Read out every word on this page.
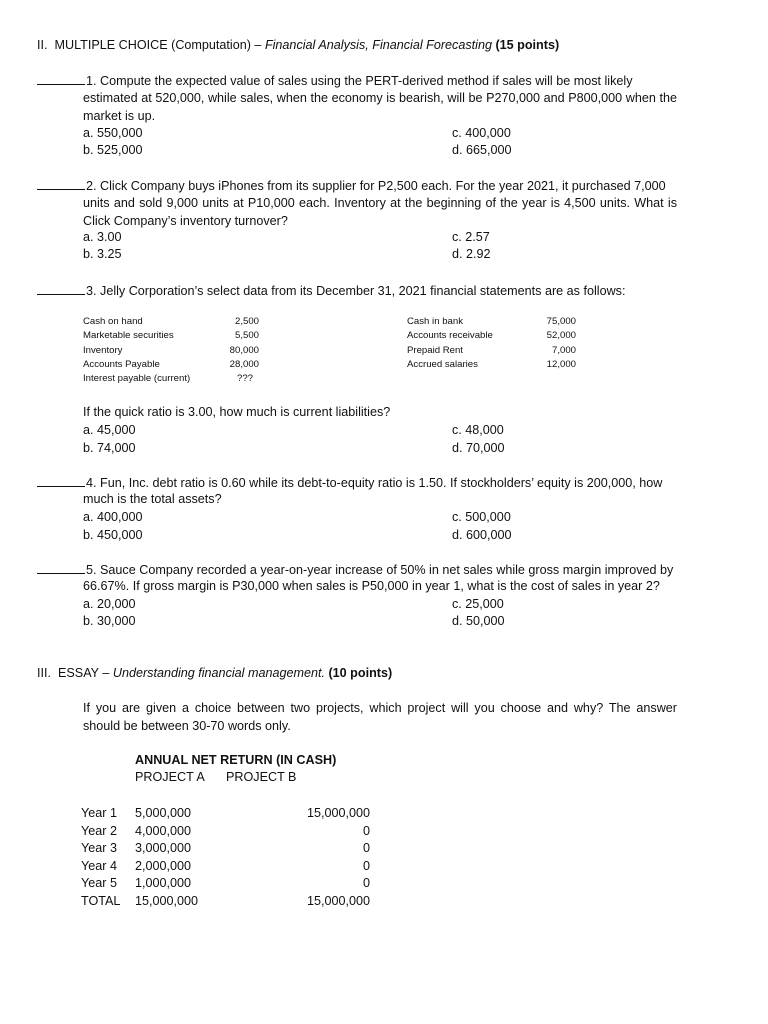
II. MULTIPLE CHOICE (Computation) – Financial Analysis, Financial Forecasting (15 points)
1. Compute the expected value of sales using the PERT-derived method if sales will be most likely
estimated at 520,000, while sales, when the economy is bearish, will be P270,000 and P800,000 when the market is up.
a. 550,000
b. 525,000
c. 400,000
d. 665,000
2. Click Company buys iPhones from its supplier for P2,500 each. For the year 2021, it purchased 7,000
units and sold 9,000 units at P10,000 each. Inventory at the beginning of the year is 4,500 units. What is Click Company’s inventory turnover?
a. 3.00
b. 3.25
c. 2.57
d. 2.92
3. Jelly Corporation’s select data from its December 31, 2021 financial statements are as follows:
Cash on hand	2,500
Marketable securities	5,500
Inventory	80,000
Accounts Payable	28,000
Interest payable (current)	???
Cash in bank	75,000
Accounts receivable	52,000
Prepaid Rent	7,000
Accrued salaries	12,000
If the quick ratio is 3.00, how much is current liabilities?
a. 45,000
b. 74,000
c. 48,000
d. 70,000
4. Fun, Inc. debt ratio is 0.60 while its debt-to-equity ratio is 1.50. If stockholders’ equity is 200,000, how
much is the total assets?
a. 400,000
b. 450,000
c. 500,000
d. 600,000
5. Sauce Company recorded a year-on-year increase of 50% in net sales while gross margin improved by
66.67%. If gross margin is P30,000 when sales is P50,000 in year 1, what is the cost of sales in year 2?
a. 20,000
b. 30,000
c. 25,000
d. 50,000
III. ESSAY – Understanding financial management. (10 points)
If you are given a choice between two projects, which project will you choose and why? The answer
should be between 30-70 words only.
ANNUAL NET RETURN (IN CASH)
PROJECT A PROJECT B
Year 1	5,000,000	15,000,000
Year 2	4,000,000	0
Year 3	3,000,000	0
Year 4	2,000,000	0
Year 5	1,000,000	0
TOTAL	15,000,000	15,000,000
